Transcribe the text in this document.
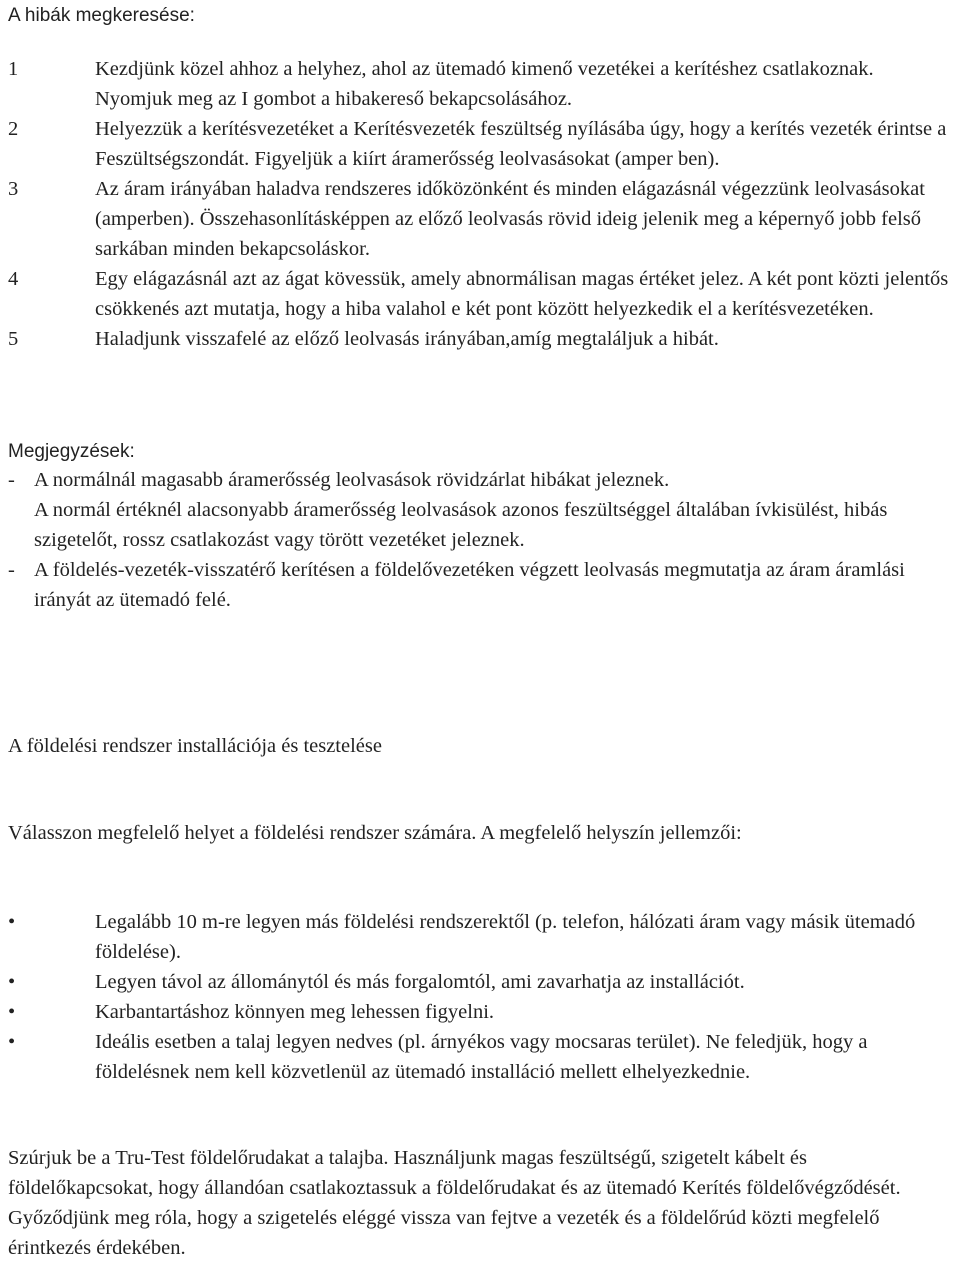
A hibák megkeresése:
1	Kezdjünk közel ahhoz a helyhez, ahol az ütemadó kimenő vezetékei a kerítéshez csatlakoznak. Nyomjuk meg az I gombot a hibakereső bekapcsolásához.
2	Helyezzük a kerítésvezetéket a Kerítésvezeték feszültség nyílásába úgy, hogy a kerítés vezeték érintse a Feszültségszondát. Figyeljük a kiírt áramerősség leolvasásokat (amper ben).
3	Az áram irányában haladva rendszeres időközönként és minden elágazásnál végezzünk leolvasásokat (amperben). Összehasonlításképpen az előző leolvasás rövid ideig jelenik meg a képernyő jobb felső sarkában minden bekapcsoláskor.
4	Egy elágazásnál azt az ágat kövessük, amely abnormálisan magas értéket jelez. A két pont közti jelentős csökkenés azt mutatja, hogy a hiba valahol e két pont között helyezkedik el a kerítésvezetéken.
5	Haladjunk visszafelé az előző leolvasás irányában,amíg megtaláljuk a hibát.
Megjegyzések:
- A normálnál magasabb áramerősség leolvasások rövidzárlat hibákat jeleznek.
A normál értéknél alacsonyabb áramerősség leolvasások azonos feszültséggel általában ívkisülést, hibás szigetelőt, rossz csatlakozást vagy törött vezetéket jeleznek.
- A földelés-vezeték-visszatérő kerítésen a földelővezetéken végzett leolvasás megmutatja az áram áramlási irányát az ütemadó felé.
A földelési rendszer installációja és tesztelése
Válasszon megfelelő helyet a földelési rendszer számára. A megfelelő helyszín jellemzői:
•	Legalább 10 m-re legyen más földelési rendszerektől (p. telefon, hálózati áram vagy másik ütemadó földelése).
•	Legyen távol az állománytól és más forgalomtól, ami zavarhatja az installációt.
•	Karbantartáshoz könnyen meg lehessen figyelni.
•	Ideális esetben a talaj legyen nedves (pl. árnyékos vagy mocsaras terület). Ne feledjük, hogy a földelésnek nem kell közvetlenül az ütemadó installáció mellett elhelyezkednie.
Szúrjuk be a Tru-Test földelőrudakat a talajba. Használjunk magas feszültségű, szigetelt kábelt és földelőkapcsokat, hogy állandóan csatlakoztassuk a földelőrudakat és az ütemadó Kerítés földelővégződését. Győződjünk meg róla, hogy a szigetelés eléggé vissza van fejtve a vezeték és a földelőrúd közti megfelelő érintkezés érdekében.
